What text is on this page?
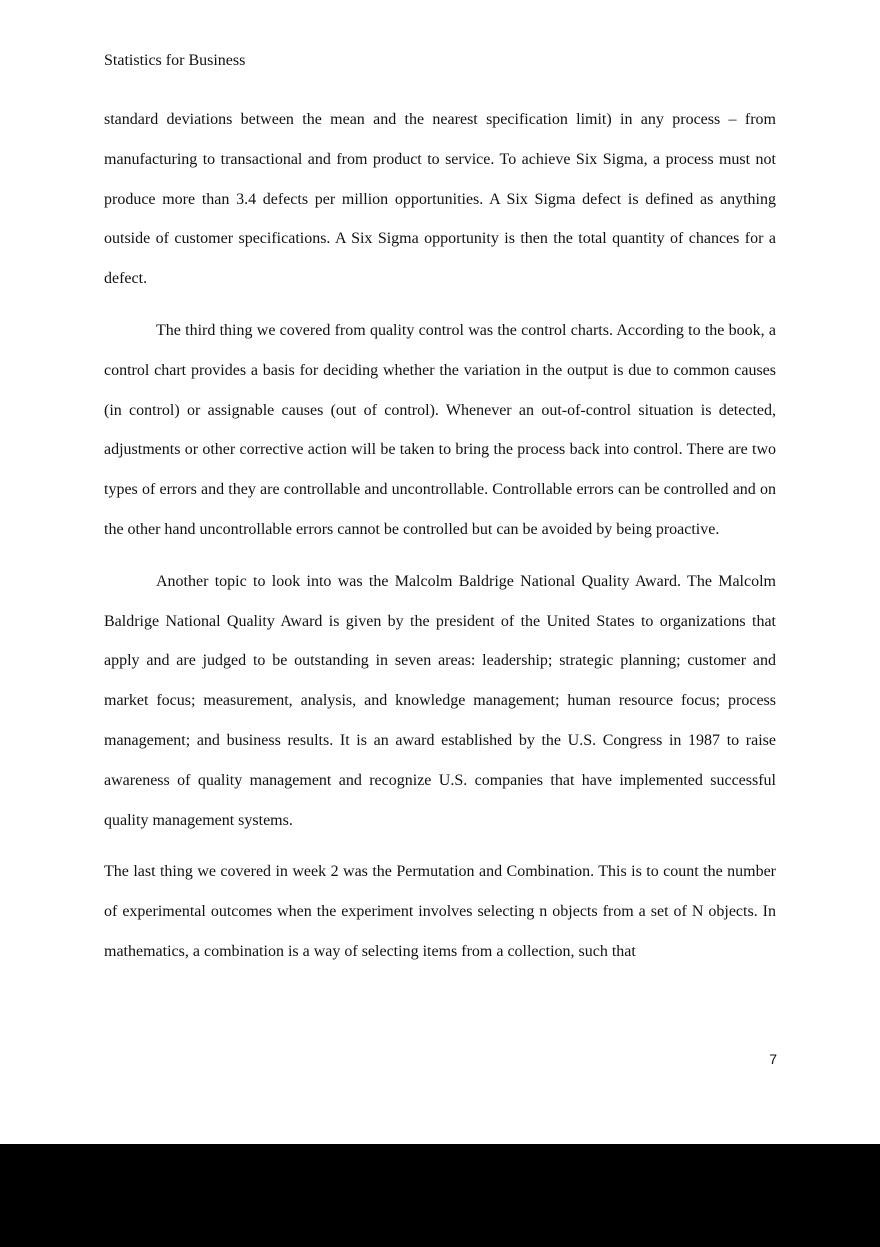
Statistics for Business

standard deviations between the mean and the nearest specification limit) in any process – from manufacturing to transactional and from product to service. To achieve Six Sigma, a process must not produce more than 3.4 defects per million opportunities. A Six Sigma defect is defined as anything outside of customer specifications. A Six Sigma opportunity is then the total quantity of chances for a defect.

The third thing we covered from quality control was the control charts. According to the book, a control chart provides a basis for deciding whether the variation in the output is due to common causes (in control) or assignable causes (out of control). Whenever an out-of-control situation is detected, adjustments or other corrective action will be taken to bring the process back into control. There are two types of errors and they are controllable and uncontrollable. Controllable errors can be controlled and on the other hand uncontrollable errors cannot be controlled but can be avoided by being proactive.

Another topic to look into was the Malcolm Baldrige National Quality Award. The Malcolm Baldrige National Quality Award is given by the president of the United States to organizations that apply and are judged to be outstanding in seven areas: leadership; strategic planning; customer and market focus; measurement, analysis, and knowledge management; human resource focus; process management; and business results. It is an award established by the U.S. Congress in 1987 to raise awareness of quality management and recognize U.S. companies that have implemented successful quality management systems.

The last thing we covered in week 2 was the Permutation and Combination. This is to count the number of experimental outcomes when the experiment involves selecting n objects from a set of N objects. In mathematics, a combination is a way of selecting items from a collection, such that

7
